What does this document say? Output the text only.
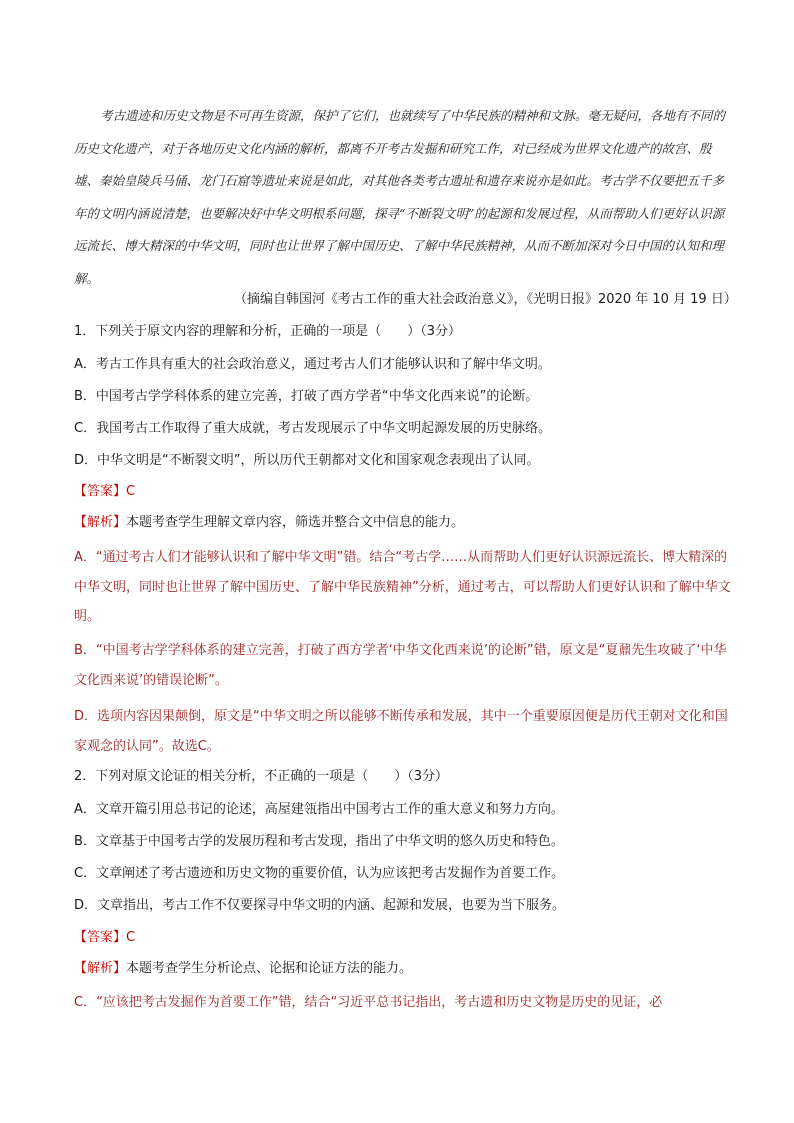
考古遗迹和历史文物是不可再生资源，保护了它们，也就续写了中华民族的精神和文脉。毫无疑问，各地有不同的历史文化遗产，对于各地历史文化内涵的解析，都离不开考古发掘和研究工作，对已经成为世界文化遗产的故宫、殷墟、秦始皇陵兵马俑、龙门石窟等遗址来说是如此，对其他各类考古遗址和遗存来说亦是如此。考古学不仅要把五千多年的文明内涵说清楚，也要解决好中华文明根系问题，探寻“不断裂文明”的起源和发展过程，从而帮助人们更好认识源远流长、博大精深的中华文明，同时也让世界了解中国历史、了解中华民族精神，从而不断加深对今日中国的认知和理解。

（摘编自韩国河《考古工作的重大社会政治意义》，《光明日报》2020 年 10 月 19 日）
1．下列关于原文内容的理解和分析，正确的一项是（　　）（3分）
A．考古工作具有重大的社会政治意义，通过考古人们才能够认识和了解中华文明。
B．中国考古学学科体系的建立完善，打破了西方学者“中华文化西来说”的论断。
C．我国考古工作取得了重大成就，考古发现展示了中华文明起源发展的历史脉络。
D．中华文明是“不断裂文明”，所以历代王朝都对文化和国家观念表现出了认同。
【答案】C
【解析】本题考查学生理解文章内容，筛选并整合文中信息的能力。

A．“通过考古人们才能够认识和了解中华文明”错。结合“考古学……从而帮助人们更好认识源远流长、博大精深的中华文明，同时也让世界了解中国历史、了解中华民族精神”分析，通过考古，可以帮助人们更好认识和了解中华文明。

B．“中国考古学学科体系的建立完善，打破了西方学者‘中华文化西来说’的论断”错，原文是“夏鼐先生攻破了‘中华文化西来说’的错误论断”。

D．选项内容因果颠倒，原文是“中华文明之所以能够不断传承和发展，其中一个重要原因便是历代王朝对文化和国家观念的认同”。故选C。

2．下列对原文论证的相关分析，不正确的一项是（　　）（3分）
A．文章开篇引用总书记的论述，高屋建瓴指出中国考古工作的重大意义和努力方向。
B．文章基于中国考古学的发展历程和考古发现，指出了中华文明的悠久历史和特色。
C．文章阐述了考古遗迹和历史文物的重要价值，认为应该把考古发掘作为首要工作。
D．文章指出，考古工作不仅要探寻中华文明的内涵、起源和发展，也要为当下服务。
【答案】C
【解析】本题考查学生分析论点、论据和论证方法的能力。

C．“应该把考古发掘作为首要工作”错，结合“习近平总书记指出，考古遗和历史文物是历史的见证，必
